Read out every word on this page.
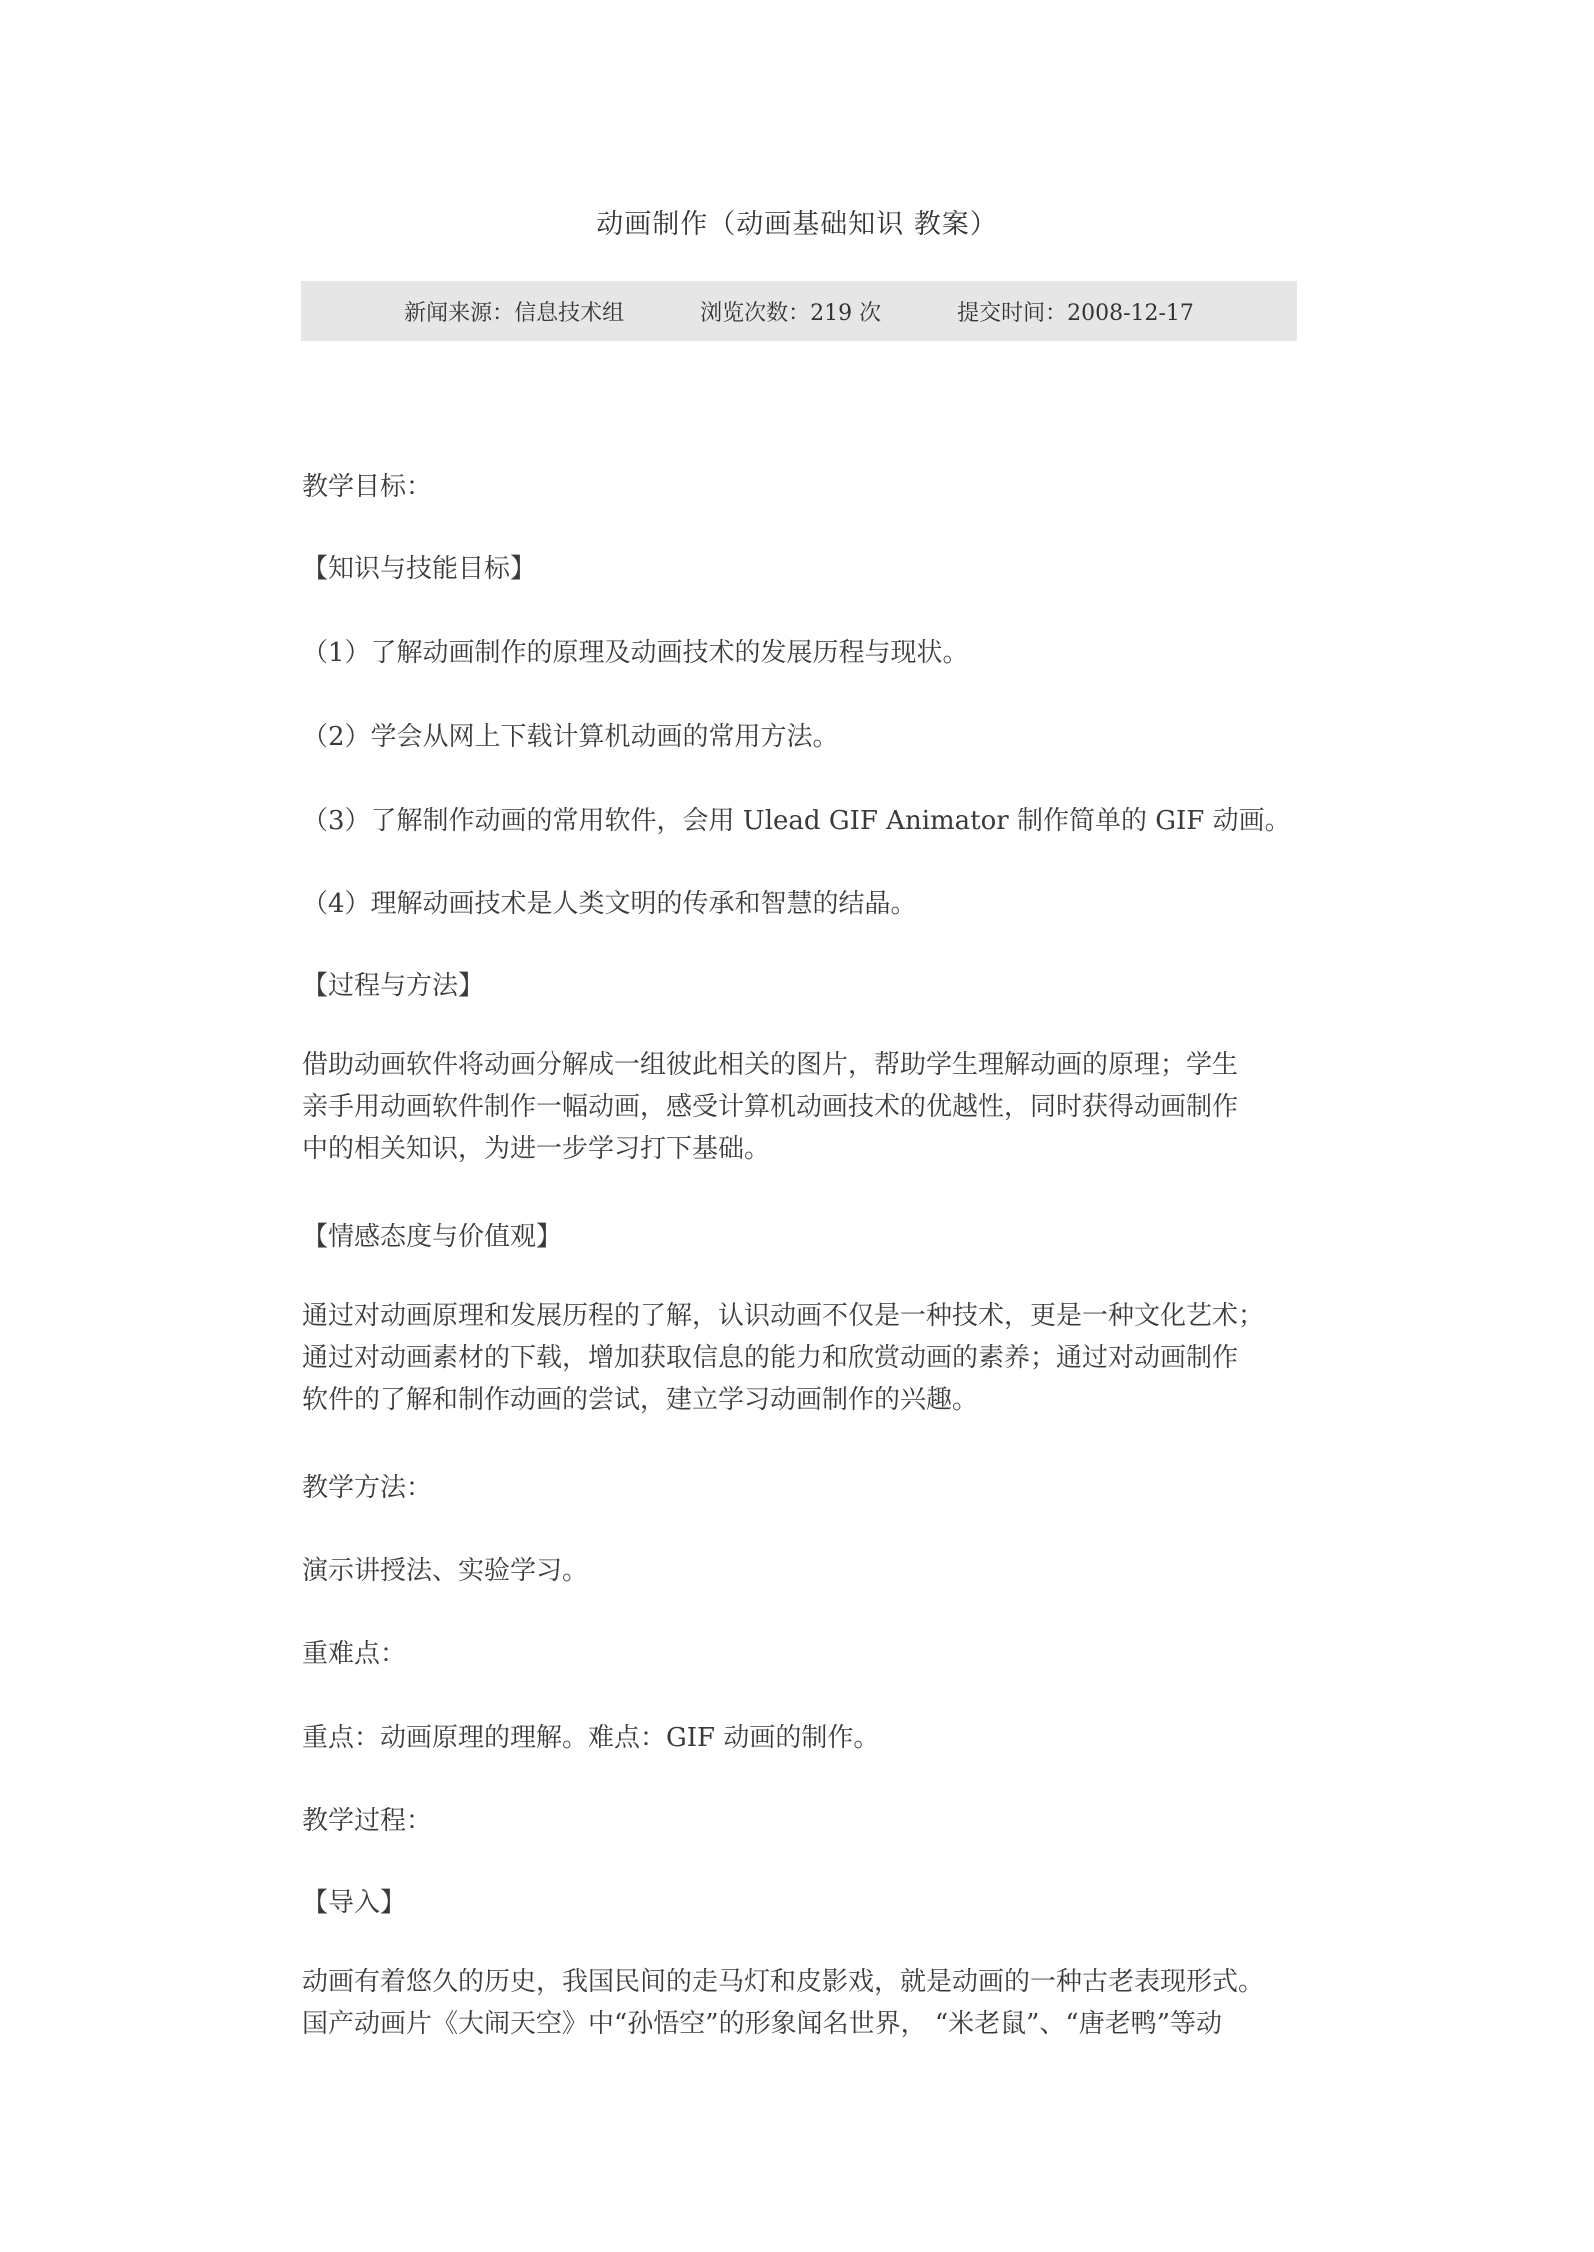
动画制作（动画基础知识 教案）
新闻来源：信息技术组	浏览次数：219 次	提交时间：2008-12-17
教学目标：
【知识与技能目标】
（1）了解动画制作的原理及动画技术的发展历程与现状。
（2）学会从网上下载计算机动画的常用方法。
（3）了解制作动画的常用软件，会用 Ulead GIF Animator 制作简单的 GIF 动画。
（4）理解动画技术是人类文明的传承和智慧的结晶。
【过程与方法】
借助动画软件将动画分解成一组彼此相关的图片，帮助学生理解动画的原理；学生
亲手用动画软件制作一幅动画，感受计算机动画技术的优越性，同时获得动画制作
中的相关知识，为进一步学习打下基础。
【情感态度与价值观】
通过对动画原理和发展历程的了解，认识动画不仅是一种技术，更是一种文化艺术；
通过对动画素材的下载，增加获取信息的能力和欣赏动画的素养；通过对动画制作
软件的了解和制作动画的尝试，建立学习动画制作的兴趣。
教学方法：
演示讲授法、实验学习。
重难点：
重点：动画原理的理解。难点：GIF 动画的制作。
教学过程：
【导入】
动画有着悠久的历史，我国民间的走马灯和皮影戏，就是动画的一种古老表现形式。
国产动画片《大闹天空》中“孙悟空”的形象闻名世界， “米老鼠”、“唐老鸭”等动
